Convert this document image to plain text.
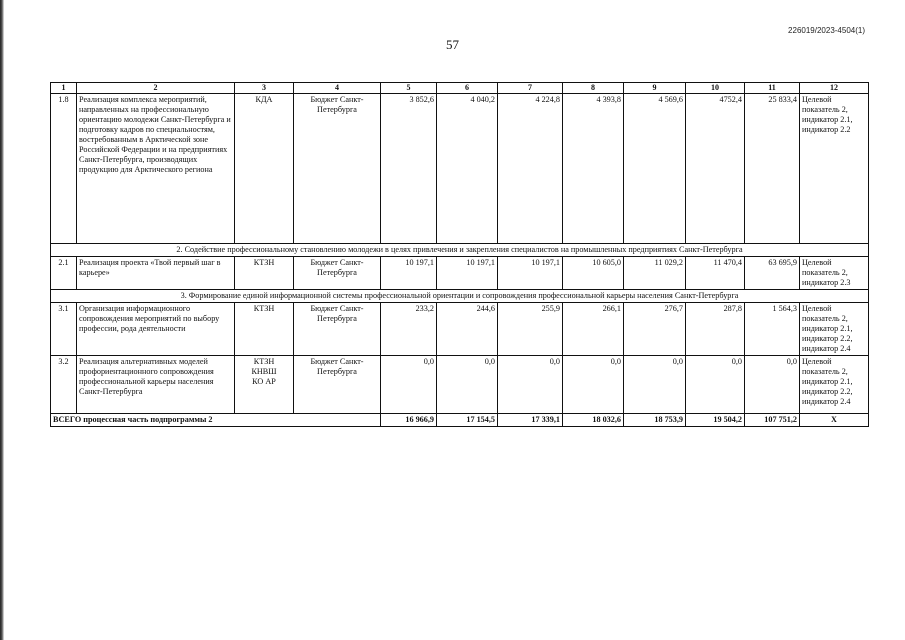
226019/2023-4504(1)
57
1	2	3	4	5	6	7	8	9	10	11	12
1.8	Реализация комплекса мероприятий, направленных на профессиональную ориентацию молодежи Санкт-Петербурга и подготовку кадров по специальностям, востребованным в Арктической зоне Российской Федерации и на предприятиях Санкт-Петербурга, производящих продукцию для Арктического региона	КДА	Бюджет Санкт-Петербурга	3 852,6	4 040,2	4 224,8	4 393,8	4 569,6	4752,4	25 833,4	Целевой показатель 2, индикатор 2.1, индикатор 2.2
2. Содействие профессиональному становлению молодежи в целях привлечения и закрепления специалистов на промышленных предприятиях Санкт-Петербурга											
2.1	Реализация проекта «Твой первый шаг в карьере»	КТЗН	Бюджет Санкт-Петербурга	10 197,1	10 197,1	10 197,1	10 605,0	11 029,2	11 470,4	63 695,9	Целевой показатель 2, индикатор 2.3
3. Формирование единой информационной системы профессиональной ориентации и сопровождения профессиональной карьеры населения Санкт-Петербурга											
3.1	Организация информационного сопровождения мероприятий по выбору профессии, рода деятельности	КТЗН	Бюджет Санкт-Петербурга	233,2	244,6	255,9	266,1	276,7	287,8	1 564,3	Целевой показатель 2, индикатор 2.1, индикатор 2.2, индикатор 2.4
3.2	Реализация альтернативных моделей профориентационного сопровождения профессиональной карьеры населения Санкт-Петербурга	КТЗН КНВШ КО АР	Бюджет Санкт-Петербурга	0,0	0,0	0,0	0,0	0,0	0,0	0,0	Целевой показатель 2, индикатор 2.1, индикатор 2.2, индикатор 2.4
ВСЕГО процессная часть подпрограммы 2				16 966,9	17 154,5	17 339,1	18 032,6	18 753,9	19 504,2	107 751,2	Х
